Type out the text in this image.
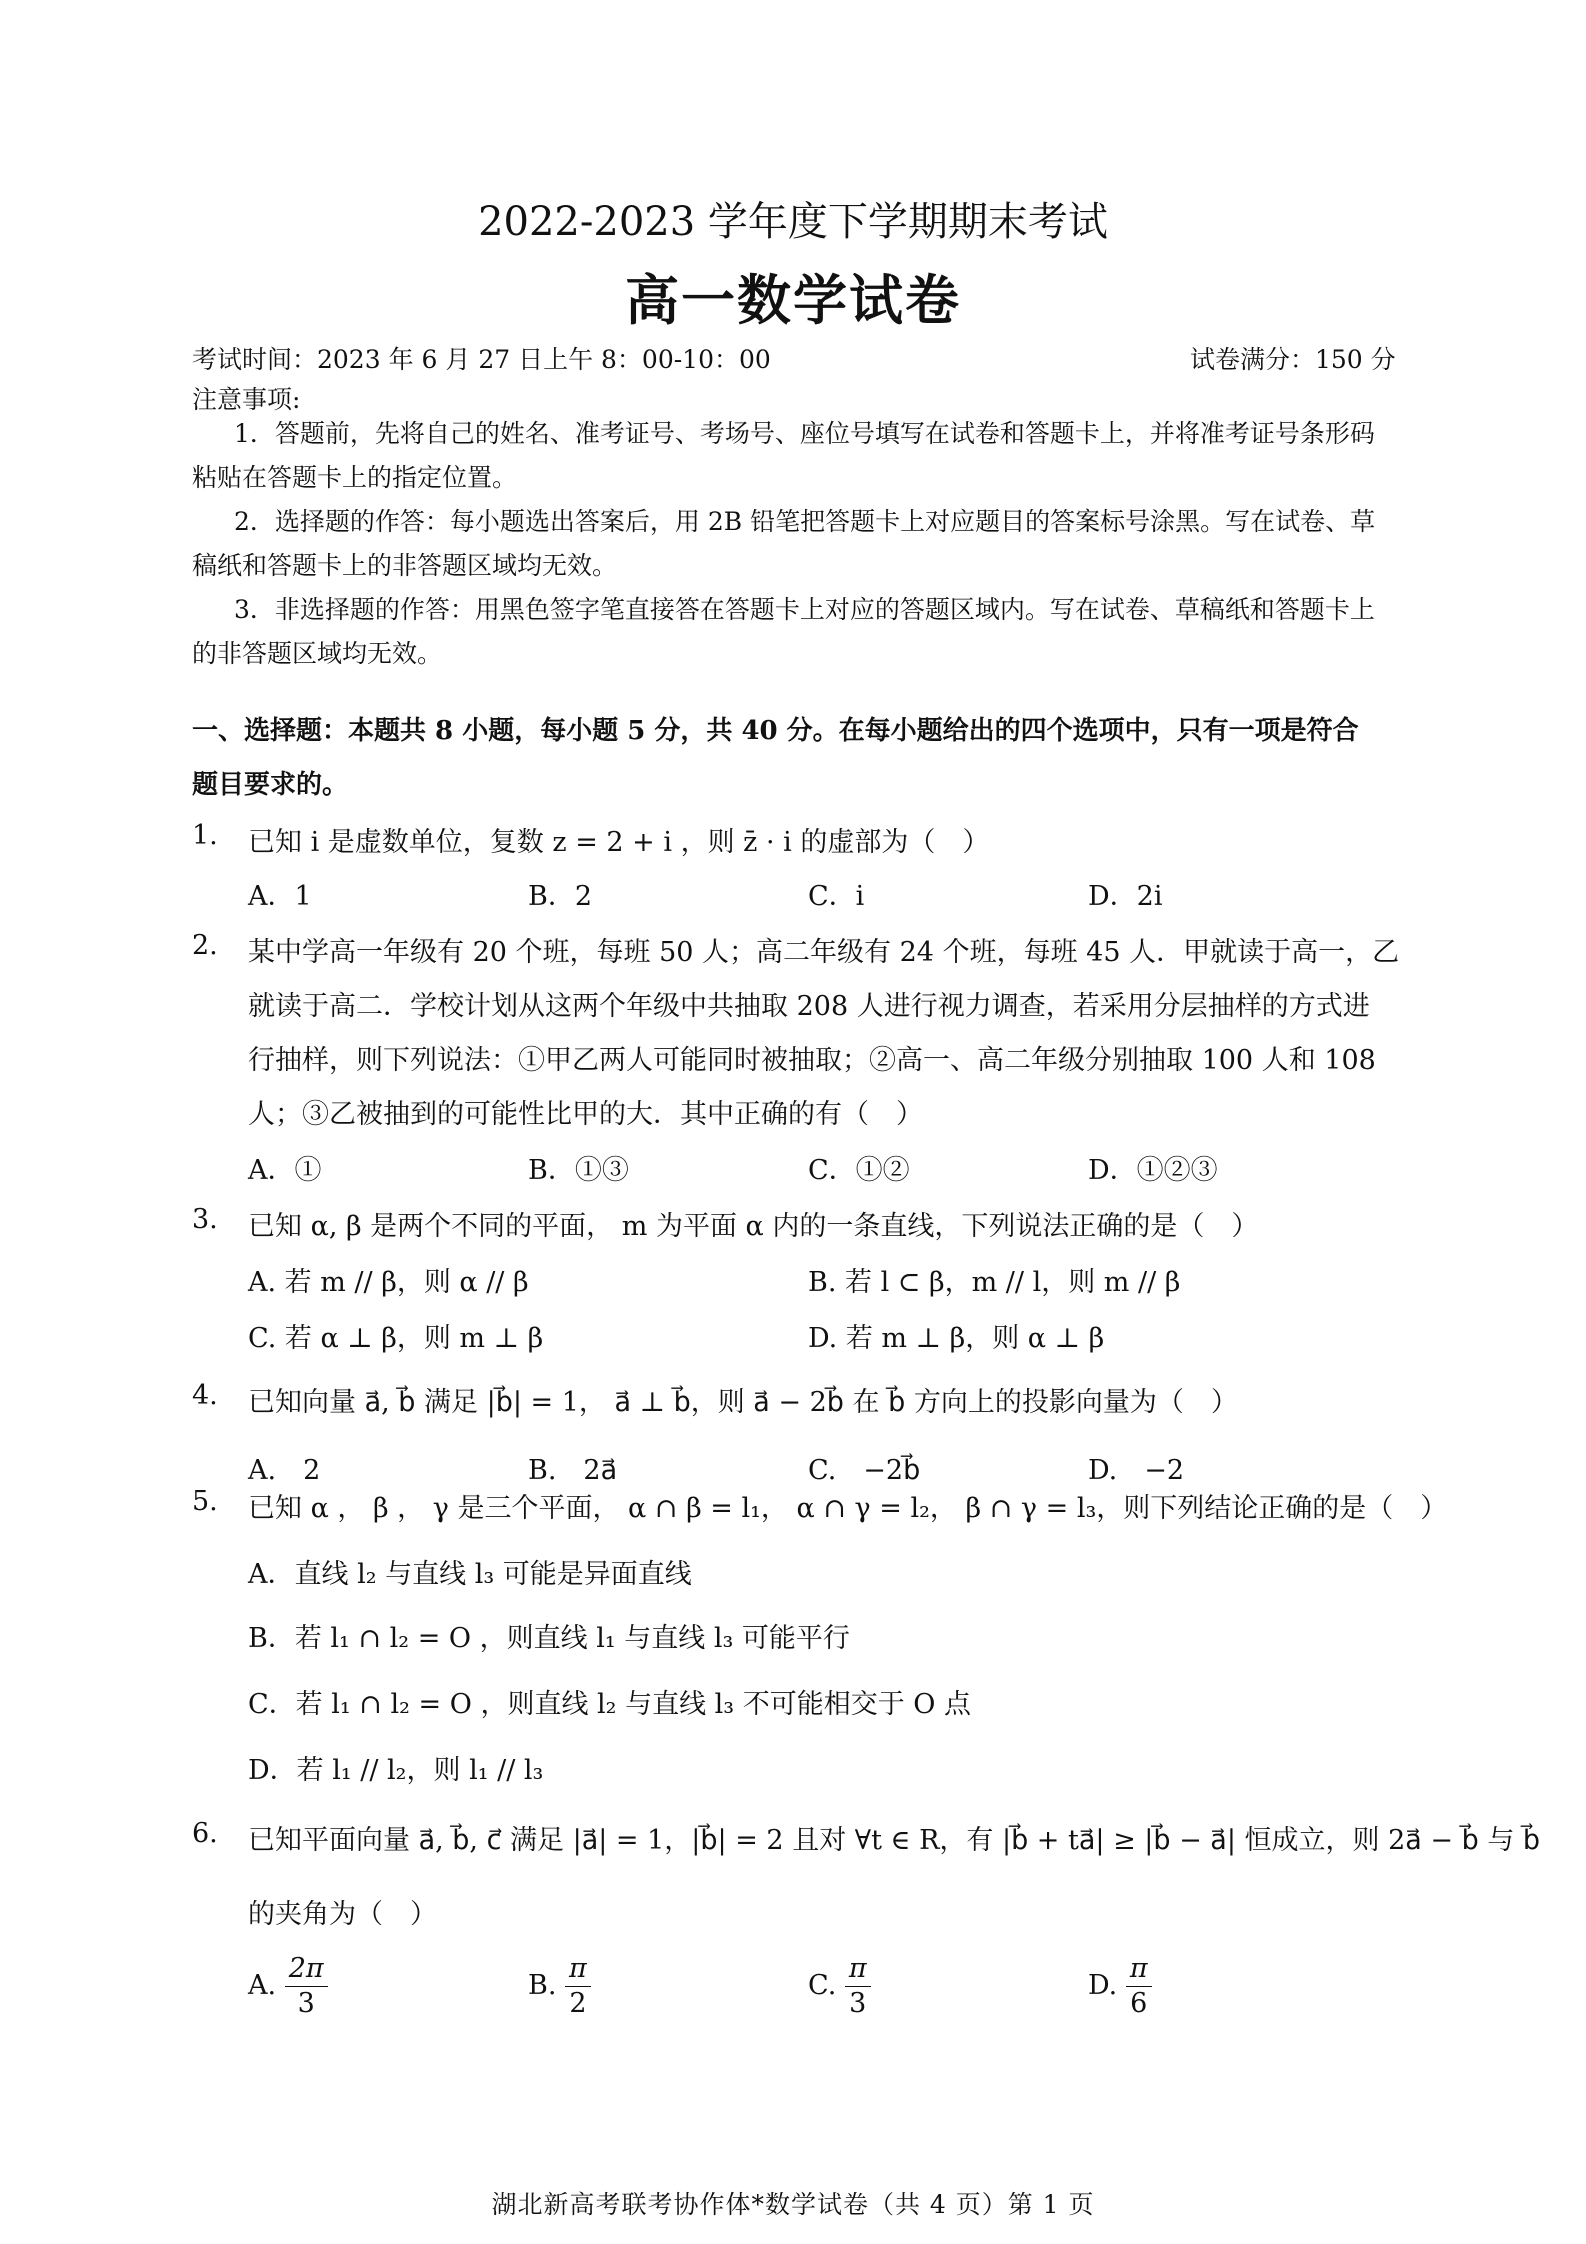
2022-2023 学年度下学期期末考试
高一数学试卷
考试时间：2023 年 6 月 27 日上午 8：00-10：00	试卷满分：150 分
注意事项:
1．答题前，先将自己的姓名、准考证号、考场号、座位号填写在试卷和答题卡上，并将准考证号条形码
粘贴在答题卡上的指定位置。
2．选择题的作答：每小题选出答案后，用 2B 铅笔把答题卡上对应题目的答案标号涂黑。写在试卷、草
稿纸和答题卡上的非答题区域均无效。
3．非选择题的作答：用黑色签字笔直接答在答题卡上对应的答题区域内。写在试卷、草稿纸和答题卡上
的非答题区域均无效。
一、选择题：本题共 8 小题，每小题 5 分，共 40 分。在每小题给出的四个选项中，只有一项是符合
题目要求的。
1. 已知 i 是虚数单位，复数 z = 2 + i ，则 z̄ · i 的虚部为（　）
A．1	B．2	C．i	D．2i
2. 某中学高一年级有 20 个班，每班 50 人；高二年级有 24 个班，每班 45 人．甲就读于高一，乙
就读于高二．学校计划从这两个年级中共抽取 208 人进行视力调查，若采用分层抽样的方式进
行抽样，则下列说法：①甲乙两人可能同时被抽取；②高一、高二年级分别抽取 100 人和 108
人；③乙被抽到的可能性比甲的大．其中正确的有（　）
A．①	B．①③	C．①②	D．①②③
3. 已知 α, β 是两个不同的平面， m 为平面 α 内的一条直线，下列说法正确的是（　）
A. 若 m // β，则 α // β	B. 若 l ⊂ β，m // l，则 m // β
C. 若 α ⊥ β，则 m ⊥ β	D. 若 m ⊥ β，则 α ⊥ β
4. 已知向量 a⃗, b⃗ 满足 |b⃗| = 1， a⃗ ⊥ b⃗，则 a⃗ − 2b⃗ 在 b⃗ 方向上的投影向量为（　）
A.　2	B.　2a⃗	C.　−2b⃗	D.　−2
5. 已知 α ， β ， γ 是三个平面， α ∩ β = l₁， α ∩ γ = l₂， β ∩ γ = l₃，则下列结论正确的是（　）
A．直线 l₂ 与直线 l₃ 可能是异面直线
B．若 l₁ ∩ l₂ = O ，则直线 l₁ 与直线 l₃ 可能平行
C．若 l₁ ∩ l₂ = O ，则直线 l₂ 与直线 l₃ 不可能相交于 O 点
D．若 l₁ // l₂，则 l₁ // l₃
6. 已知平面向量 a⃗, b⃗, c⃗ 满足 |a⃗| = 1，|b⃗| = 2 且对 ∀t ∈ R，有 |b⃗ + ta⃗| ≥ |b⃗ − a⃗| 恒成立，则 2a⃗ − b⃗ 与 b⃗
的夹角为（　）
A. $\frac{2\pi}{3}$	B. $\frac{\pi}{2}$	C. $\frac{\pi}{3}$	D. $\frac{\pi}{6}$
湖北新高考联考协作体*数学试卷（共 4 页）第 1 页
